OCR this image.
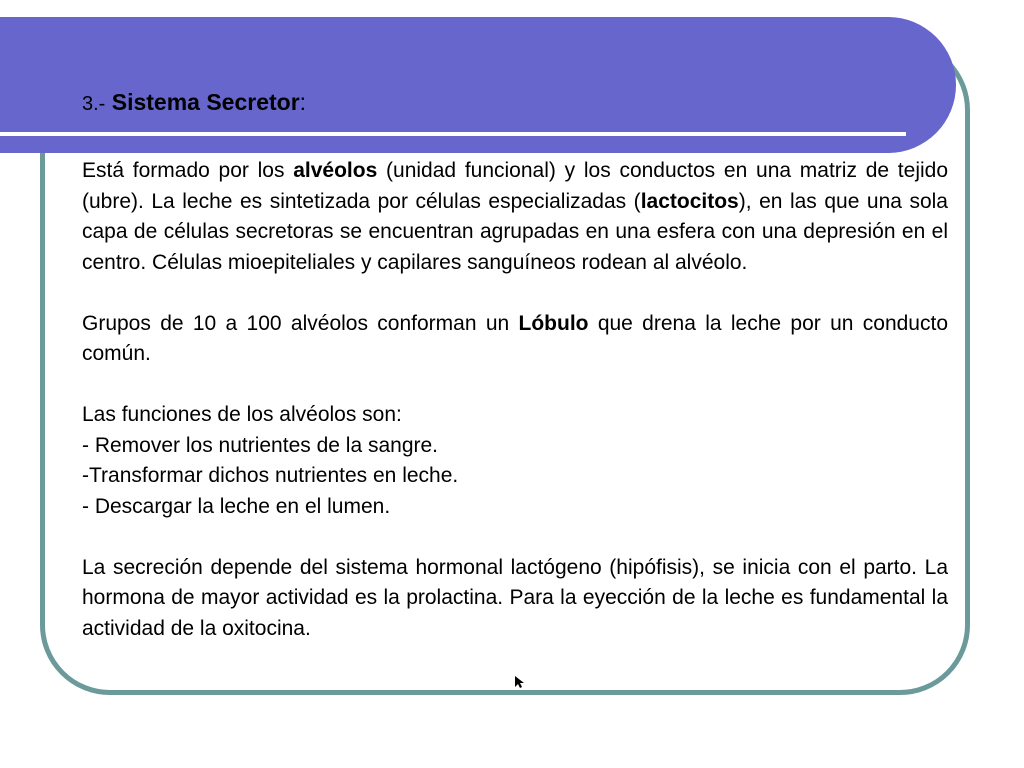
3.- Sistema Secretor:

Está formado por los alvéolos (unidad funcional) y los conductos en una matriz de tejido (ubre). La leche es sintetizada por células especializadas (lactocitos), en las que una sola capa de células secretoras se encuentran agrupadas en una esfera con una depresión en el centro. Células mioepiteliales y capilares sanguíneos rodean al alvéolo.

Grupos de 10 a 100 alvéolos conforman un Lóbulo que drena la leche por un conducto común.

Las funciones de los alvéolos son:
- Remover los nutrientes de la sangre.
-Transformar dichos nutrientes en leche.
- Descargar la leche en el lumen.

La secreción depende del sistema hormonal lactógeno (hipófisis), se inicia con el parto. La hormona de mayor actividad es la prolactina. Para la eyección de la leche es fundamental la actividad de la oxitocina.
